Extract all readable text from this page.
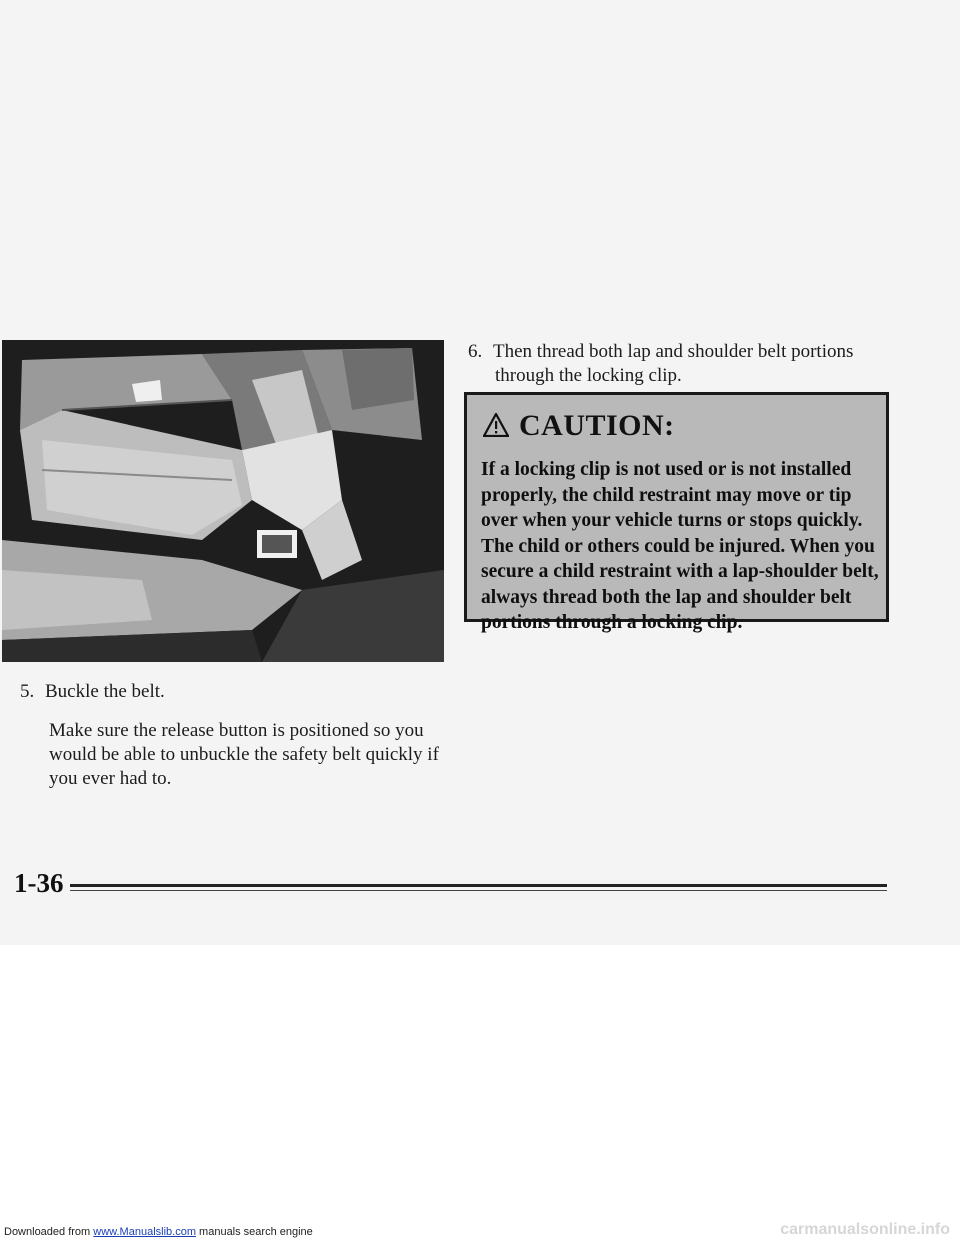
5. Buckle the belt.
Make sure the release button is positioned so you would be able to unbuckle the safety belt quickly if you ever had to.
6. Then thread both lap and shoulder belt portions
through the locking clip.
CAUTION:
If a locking clip is not used or is not installed properly, the child restraint may move or tip over when your vehicle turns or stops quickly. The child or others could be injured. When you secure a child restraint with a lap-shoulder belt, always thread both the lap and shoulder belt portions through a locking clip.
1-36
Downloaded from www.Manualslib.com manuals search engine	carmanualsonline.info
